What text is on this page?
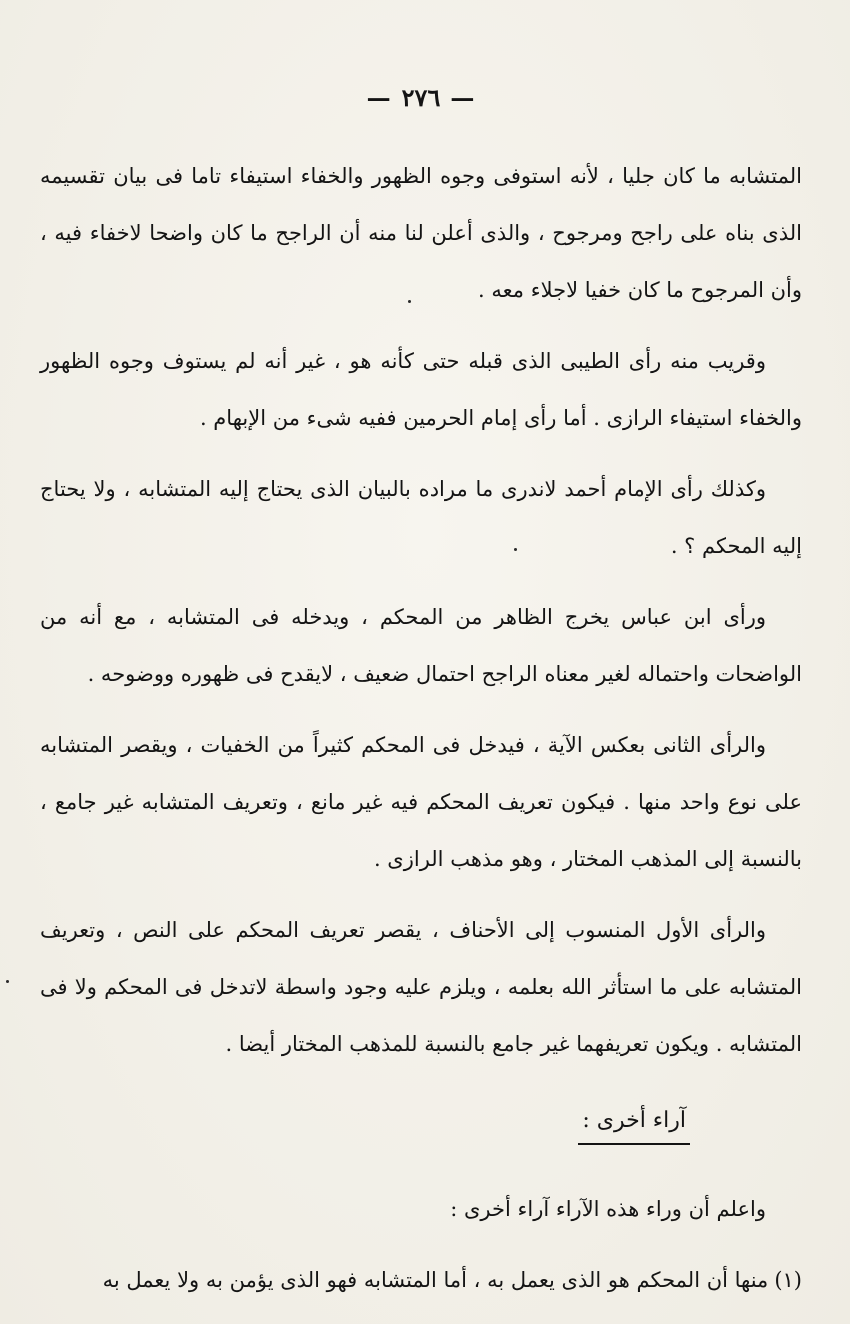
—٢٧٦—

المتشابه ما كان جليا ، لأنه استوفى وجوه الظهور والخفاء استيفاء تاما فى بيان تقسيمه الذى بناه على راجح ومرجوح ، والذى أعلن لنا منه أن الراجح ما كان واضحا لاخفاء فيه ، وأن المرجوح ما كان خفيا لاجلاء معه .

وقريب منه رأى الطيبى الذى قبله حتى كأنه هو ، غير أنه لم يستوف وجوه الظهور والخفاء استيفاء الرازى . أما رأى إمام الحرمين ففيه شىء من الإبهام .

وكذلك رأى الإمام أحمد لاندرى ما مراده بالبيان الذى يحتاج إليه المتشابه ، ولا يحتاج إليه المحكم ؟ .

ورأى ابن عباس يخرج الظاهر من المحكم ، ويدخله فى المتشابه ، مع أنه من الواضحات واحتماله لغير معناه الراجح احتمال ضعيف ، لايقدح فى ظهوره ووضوحه .

والرأى الثانى بعكس الآية ، فيدخل فى المحكم كثيراً من الخفيات ، ويقصر المتشابه على نوع واحد منها . فيكون تعريف المحكم فيه غير مانع ، وتعريف المتشابه غير جامع ، بالنسبة إلى المذهب المختار ، وهو مذهب الرازى .

والرأى الأول المنسوب إلى الأحناف ، يقصر تعريف المحكم على النص ، وتعريف المتشابه على ما استأثر الله بعلمه ، ويلزم عليه وجود واسطة لاتدخل فى المحكم ولا فى المتشابه . ويكون تعريفهما غير جامع بالنسبة للمذهب المختار أيضا .

آراء أخرى :

واعلم أن وراء هذه الآراء آراء أخرى :

(١)منها أن المحكم هو الذى يعمل به ، أما المتشابه فهو الذى يؤمن به ولا يعمل به
